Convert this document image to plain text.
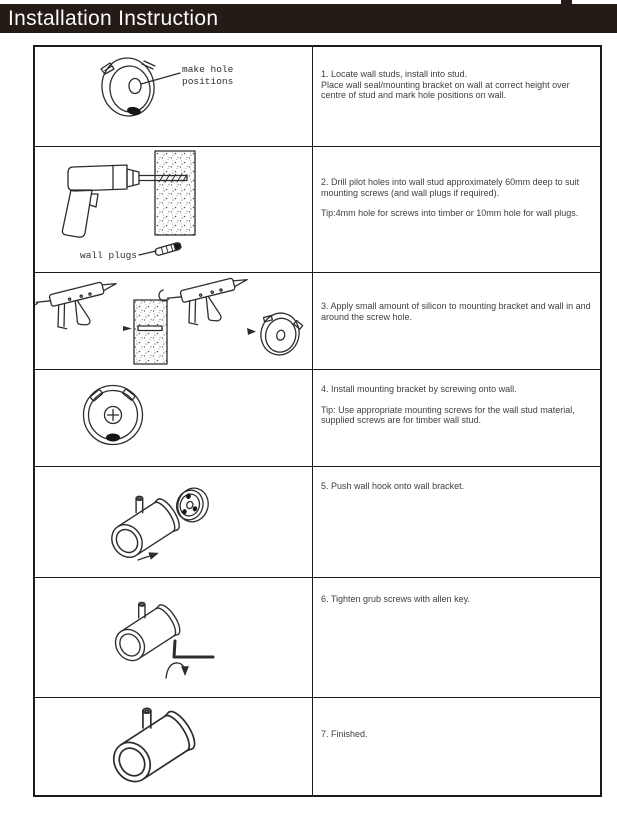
Installation Instruction
make hole
positions

1. Locate wall studs, install into stud.

Place wall seal/mounting bracket on wall at correct height over centre of stud and mark hole positions on wall.

wall plugs

2. Drill pilot holes into wall stud approximately 60mm deep to suit mounting screws (and wall plugs if required).

Tip:4mm hole for screws into timber or 10mm hole for wall plugs.

3. Apply small amount of silicon to mounting bracket and wall in and around the screw hole.

4. Install mounting bracket by screwing onto wall.

Tip: Use appropriate mounting screws for the wall stud material, supplied screws are for timber wall stud.

5. Push wall hook onto wall bracket.

6. Tighten grub screws with allen key.

7. Finished.
